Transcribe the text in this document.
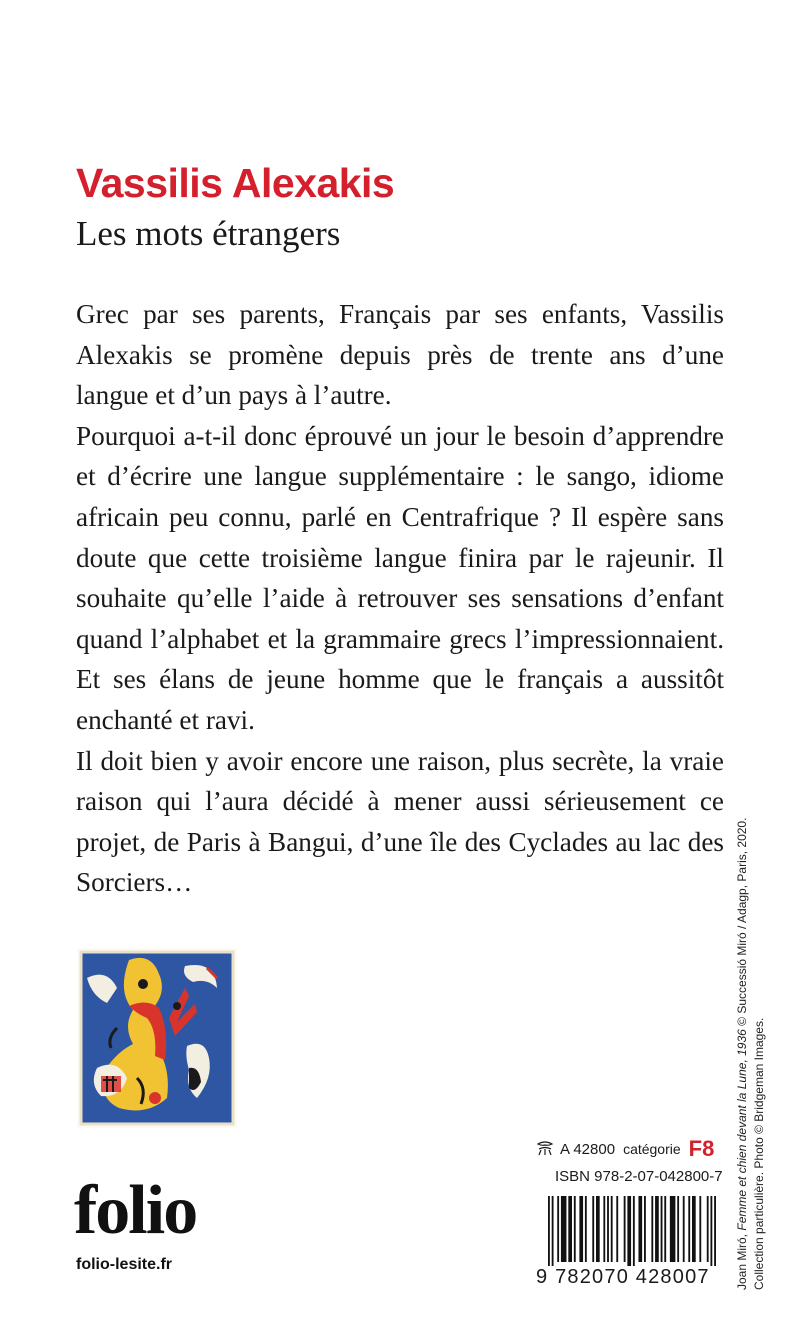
Vassilis Alexakis
Les mots étrangers

Grec par ses parents, Français par ses enfants, Vassilis Alexakis se promène depuis près de trente ans d’une langue et d’un pays à l’autre.

Pourquoi a-t-il donc éprouvé un jour le besoin d’apprendre et d’écrire une langue supplémentaire : le sango, idiome africain peu connu, parlé en Centrafrique ? Il espère sans doute que cette troisième langue finira par le rajeunir. Il souhaite qu’elle l’aide à retrouver ses sensations d’enfant quand l’alphabet et la grammaire grecs l’impressionnaient. Et ses élans de jeune homme que le français a aussitôt enchanté et ravi.

Il doit bien y avoir encore une raison, plus secrète, la vraie raison qui l’aura décidé à mener aussi sérieusement ce projet, de Paris à Bangui, d’une île des Cyclades au lac des Sorciers…

Joan Miró, Femme et chien devant la Lune, 1936 © Successió Miró / Adagp, Paris, 2020.
Collection particulière. Photo © Bridgeman Images.
A 42800 catégorie F8
ISBN 978-2-07-042800-7
9 782070 428007
folio
folio-lesite.fr
